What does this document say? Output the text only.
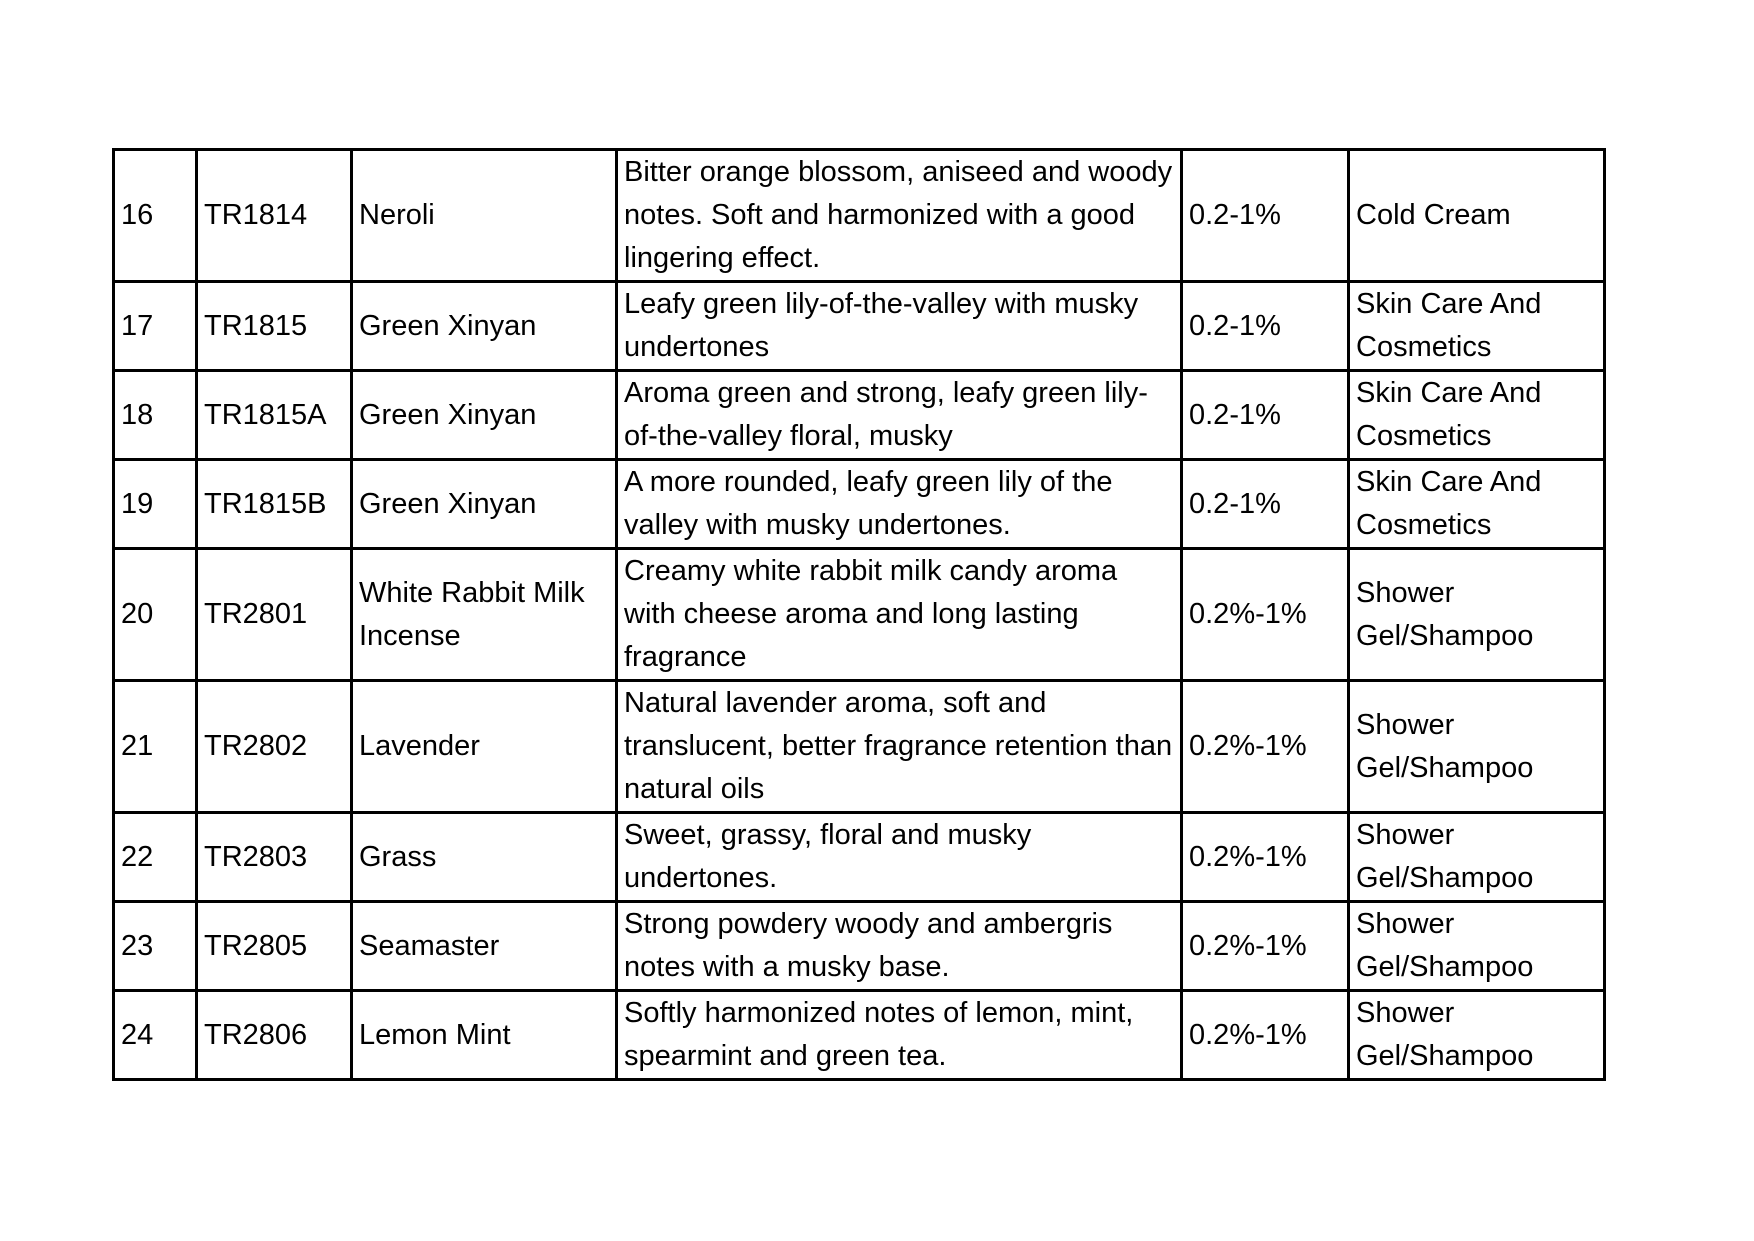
16	TR1814	Neroli	Bitter orange blossom, aniseed and woody notes. Soft and harmonized with a good lingering effect.	0.2-1%	Cold Cream
17	TR1815	Green Xinyan	Leafy green lily-of-the-valley with musky undertones	0.2-1%	Skin Care And Cosmetics
18	TR1815A	Green Xinyan	Aroma green and strong, leafy green lily-of-the-valley floral, musky	0.2-1%	Skin Care And Cosmetics
19	TR1815B	Green Xinyan	A more rounded, leafy green lily of the valley with musky undertones.	0.2-1%	Skin Care And Cosmetics
20	TR2801	White Rabbit Milk Incense	Creamy white rabbit milk candy aroma with cheese aroma and long lasting fragrance	0.2%-1%	Shower Gel/Shampoo
21	TR2802	Lavender	Natural lavender aroma, soft and translucent, better fragrance retention than natural oils	0.2%-1%	Shower Gel/Shampoo
22	TR2803	Grass	Sweet, grassy, floral and musky undertones.	0.2%-1%	Shower Gel/Shampoo
23	TR2805	Seamaster	Strong powdery woody and ambergris notes with a musky base.	0.2%-1%	Shower Gel/Shampoo
24	TR2806	Lemon Mint	Softly harmonized notes of lemon, mint, spearmint and green tea.	0.2%-1%	Shower Gel/Shampoo
